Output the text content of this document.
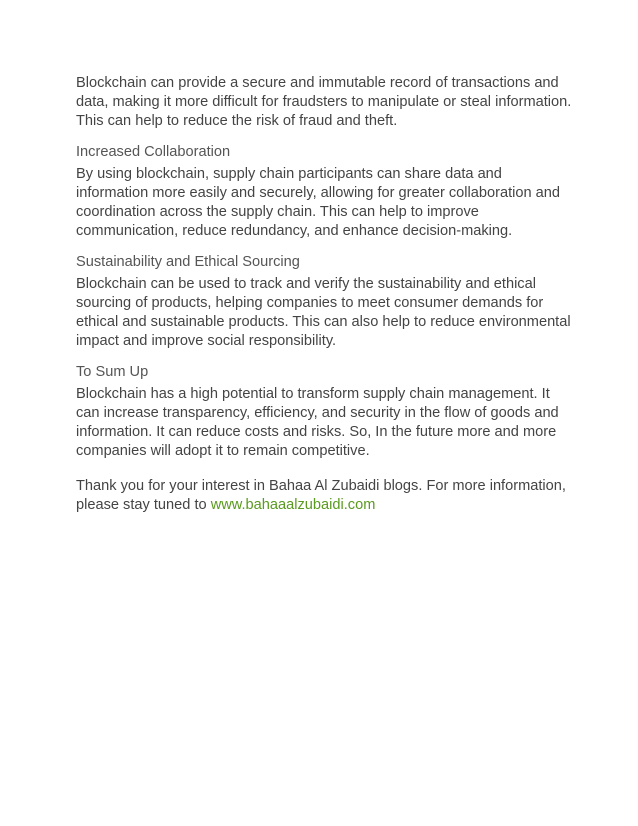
Blockchain can provide a secure and immutable record of transactions and data, making it more difficult for fraudsters to manipulate or steal information. This can help to reduce the risk of fraud and theft.

Increased Collaboration

By using blockchain, supply chain participants can share data and information more easily and securely, allowing for greater collaboration and coordination across the supply chain. This can help to improve communication, reduce redundancy, and enhance decision-making.

Sustainability and Ethical Sourcing

Blockchain can be used to track and verify the sustainability and ethical sourcing of products, helping companies to meet consumer demands for ethical and sustainable products. This can also help to reduce environmental impact and improve social responsibility.

To Sum Up

Blockchain has a high potential to transform supply chain management. It can increase transparency, efficiency, and security in the flow of goods and information. It can reduce costs and risks. So, In the future more and more companies will adopt it to remain competitive.

Thank you for your interest in Bahaa Al Zubaidi blogs. For more information, please stay tuned to www.bahaaalzubaidi.com
